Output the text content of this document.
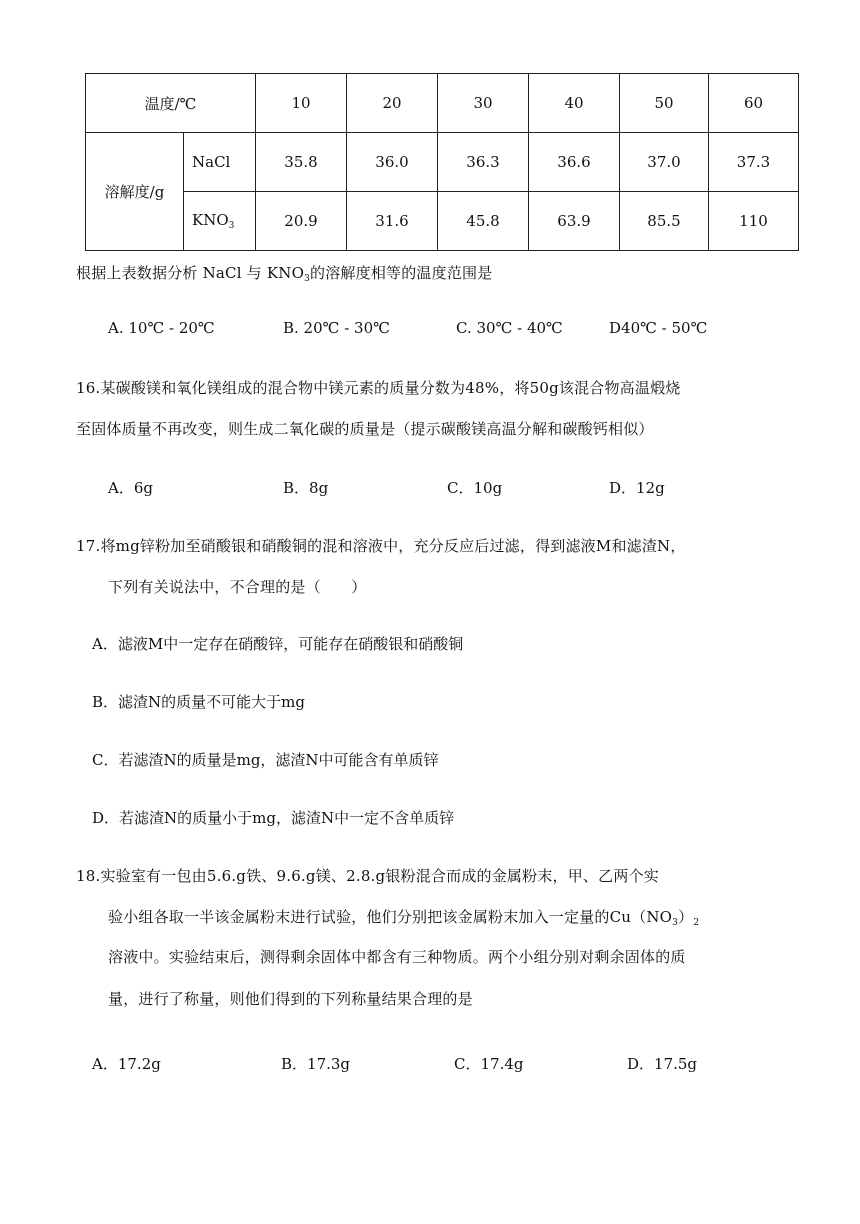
温度/℃		10	20	30	40	50	60
溶解度/g	NaCl	35.8	36.0	36.3	36.6	37.0	37.3
	$KNO_3$	20.9	31.6	45.8	63.9	85.5	110
根据上表数据分析 NaCl 与 $KNO_3$的溶解度相等的温度范围是
A. 10℃ - 20℃	B. 20℃ - 30℃	C. 30℃ - 40℃	D40℃ - 50℃
16.某碳酸镁和氧化镁组成的混合物中镁元素的质量分数为48%，将50g该混合物高温煅烧
至固体质量不再改变，则生成二氧化碳的质量是（提示碳酸镁高温分解和碳酸钙相似）
A．6g	B．8g	C．10g	D．12g
17.将mg锌粉加至硝酸银和硝酸铜的混和溶液中，充分反应后过滤，得到滤液M和滤渣N，
下列有关说法中，不合理的是（　　）
A．滤液M中一定存在硝酸锌，可能存在硝酸银和硝酸铜
B．滤渣N的质量不可能大于mg
C．若滤渣N的质量是mg，滤渣N中可能含有单质锌
D．若滤渣N的质量小于mg，滤渣N中一定不含单质锌
18.实验室有一包由5.6.g铁、9.6.g镁、2.8.g银粉混合而成的金属粉末，甲、乙两个实
验小组各取一半该金属粉末进行试验，他们分别把该金属粉末加入一定量的$Cu(NO_3)_2$
溶液中。实验结束后，测得剩余固体中都含有三种物质。两个小组分别对剩余固体的质
量，进行了称量，则他们得到的下列称量结果合理的是
A．17.2g	B．17.3g	C．17.4g	D．17.5g
